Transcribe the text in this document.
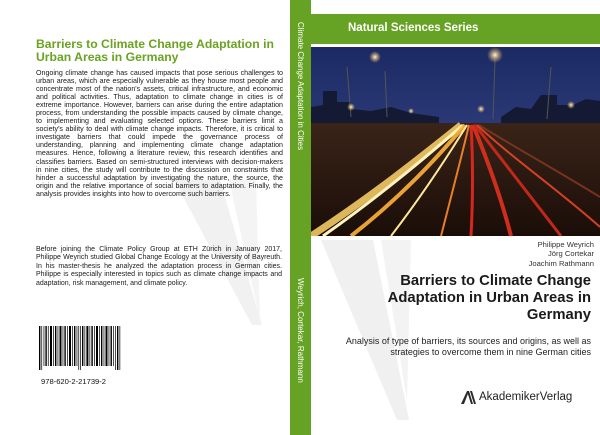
Barriers to Climate Change Adaptation in Urban Areas in Germany

Ongoing climate change has caused impacts that pose serious challenges to urban areas, which are especially vulnerable as they house most people and concentrate most of the nation's assets, critical infrastructure, and economic and political activities. Thus, adaptation to climate change in cities is of extreme importance. However, barriers can arise during the entire adaptation process, from understanding the possible impacts caused by climate change, to implementing and evaluating selected options. These barriers limit a society's ability to deal with climate change impacts. Therefore, it is critical to investigate barriers that could impede the governance process of understanding, planning and implementing climate change adaptation measures. Hence, following a literature review, this research identifies and classifies barriers. Based on semi-structured interviews with decision-makers in nine cities, the study will contribute to the discussion on constraints that hinder a successful adaptation by investigating the nature, the source, the origin and the relative importance of social barriers to adaptation. Finally, the analysis provides insights into how to overcome such barriers.

Before joining the Climate Policy Group at ETH Zürich in January 2017, Philippe Weyrich studied Global Change Ecology at the University of Bayreuth. In his master-thesis he analyzed the adaptation process in German cities. Philippe is especially interested in topics such as climate change impacts and adaptation, risk management, and climate policy.

978-620-2-21739-2
Climate Change Adaptation in Cities
Weyrich, Cortekar, Rathmann
Natural Sciences Series
Philippe Weyrich
Jörg Cortekar
Joachim Rathmann
Barriers to Climate Change Adaptation in Urban Areas in Germany

Analysis of type of barriers, its sources and origins, as well as strategies to overcome them in nine German cities

AkademikerVerlag
